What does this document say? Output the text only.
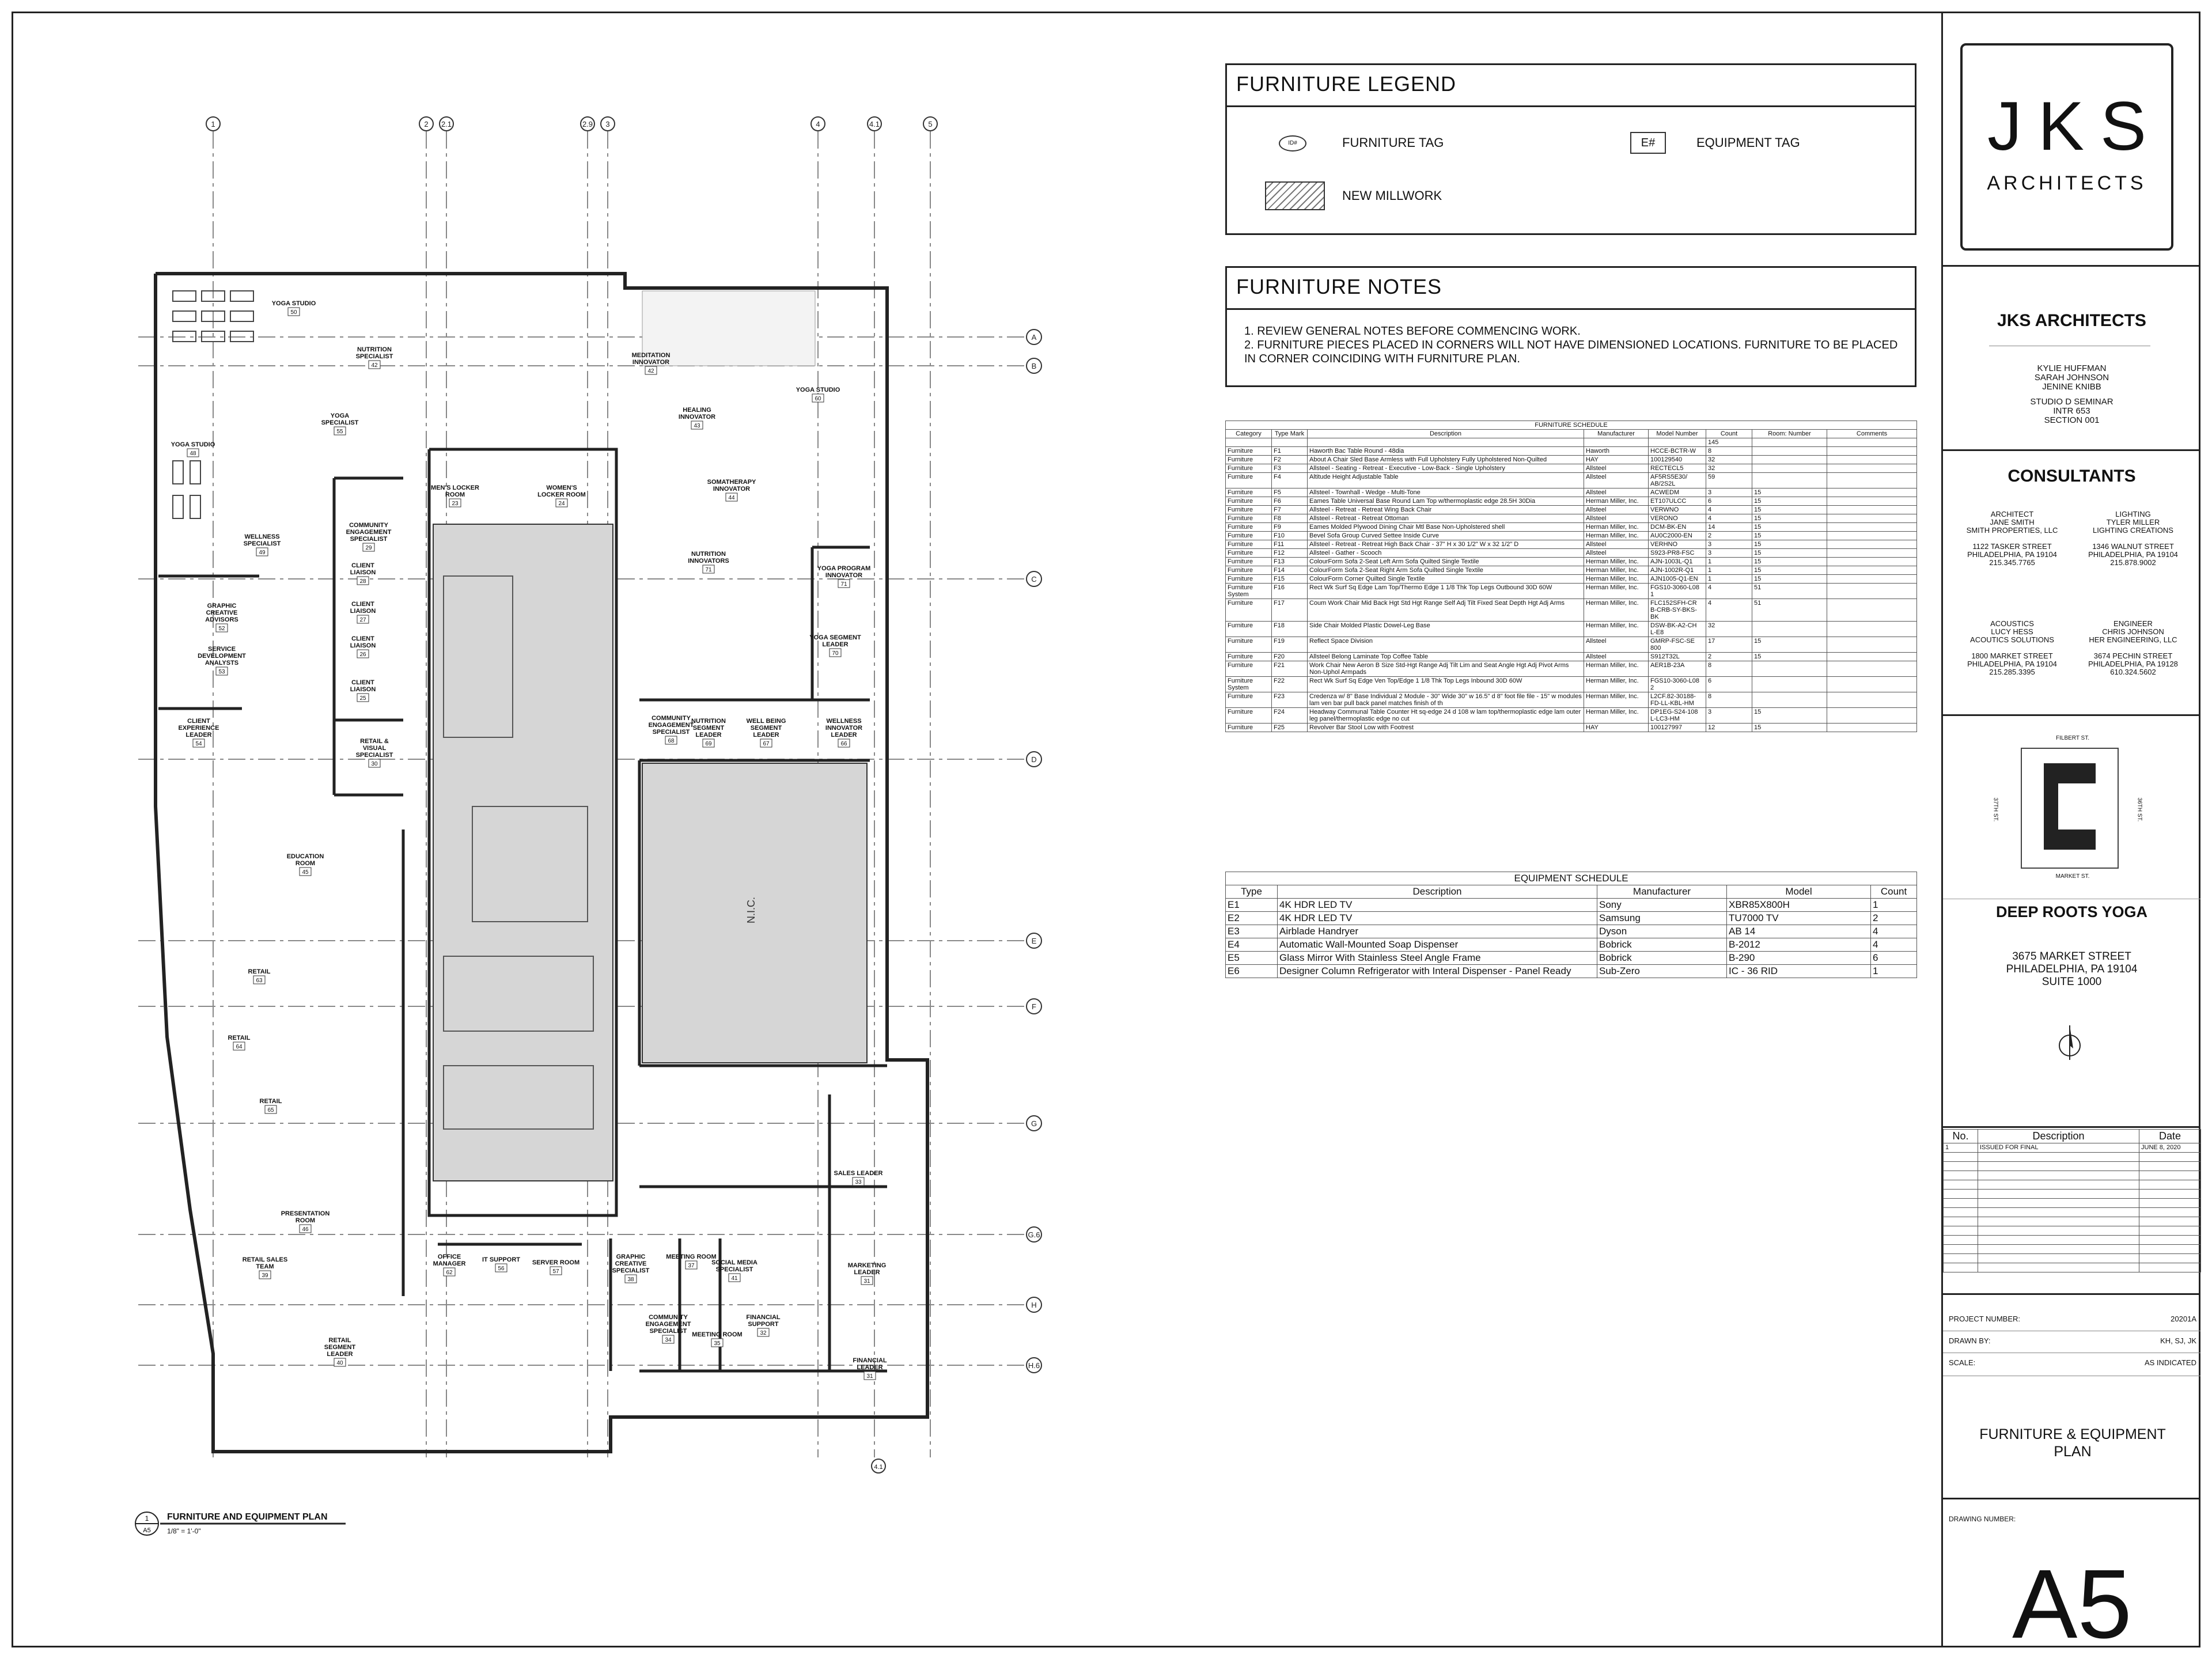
1	2 2.1	2.9 3	4	4.1	5
A
B
C
D
E
F
G
G.6
H
H.6
YOGA STUDIO
50
NUTRITION
SPECIALIST
42
YOGA
SPECIALIST
55
YOGA STUDIO
48
WELLNESS
SPECIALIST
49
GRAPHIC
CREATIVE
ADVISORS
52
SERVICE
DEVELOPMENT
ANALYSTS
53
CLIENT
EXPERIENCE
LEADER
54
COMMUNITY
ENGAGEMENT
SPECIALIST
29
CLIENT
LIAISON
28
CLIENT
LIAISON
27
CLIENT
LIAISON
26
CLIENT
LIAISON
25
RETAIL &
VISUAL
SPECIALIST
30
MEN'S LOCKER
ROOM
23
WOMEN'S
LOCKER ROOM
24
MEDITATION
INNOVATOR
42
HEALING
INNOVATOR
43
YOGA STUDIO
60
SOMATHERAPY
INNOVATOR
44
NUTRITION
INNOVATORS
71	YOGA PROGRAM
INNOVATOR
71
YOGA SEGMENT
LEADER
70
COMMUNITY
ENGAGEMENT
SPECIALIST
68
NUTRITION
SEGMENT
LEADER
69
WELL BEING
SEGMENT
LEADER
67
WELLNESS
INNOVATOR
LEADER
66
EDUCATION
ROOM
45
RETAIL
63
RETAIL
64
RETAIL
65
PRESENTATION
ROOM
46
RETAIL SALES
TEAM
39
RETAIL
SEGMENT
LEADER
40
OFFICE
MANAGER
62
IT SUPPORT
56
SERVER ROOM
57
GRAPHIC
CREATIVE
SPECIALIST
38
MEETING ROOM
37	SOCIAL MEDIA
SPECIALIST
41
COMMUNITY
ENGAGEMENT
SPECIALIST
34
MEETING ROOM
35
FINANCIAL
SUPPORT
32
SALES LEADER
33
MARKETING
LEADER
31
FINANCIAL
LEADER
31
N.I.C.
4.1
1
A5
FURNITURE AND EQUIPMENT PLAN
1/8" = 1'-0"
FURNITURE LEGEND
ID#	FURNITURE TAG	E#	EQUIPMENT TAG
NEW MILLWORK
FURNITURE NOTES
1. REVIEW GENERAL NOTES BEFORE COMMENCING WORK.
2. FURNITURE PIECES PLACED IN CORNERS WILL NOT HAVE DIMENSIONED LOCATIONS. FURNITURE TO BE PLACED IN CORNER COINCIDING WITH FURNITURE PLAN.
FURNITURE SCHEDULE							
Category	Type Mark	Description	Manufacturer	Model Number	Count	Room: Number	Comments
					145		
Furniture	F1	Haworth Bac Table Round - 48dia	Haworth	HCCE-BCTR-W	8		
Furniture	F2	About A Chair Sled Base Armless with Full Upholstery Fully Upholstered Non-Quilted	HAY	100129540	32		
Furniture	F3	Allsteel - Seating - Retreat - Executive - Low-Back - Single Upholstery	Allsteel	RECTECL5	32		
Furniture	F4	Altitude Height Adjustable Table	Allsteel	AF5RS5E30/ AB/2S2L	59		
Furniture	F5	Allsteel - Townhall - Wedge - Multi-Tone	Allsteel	ACWEDM	3	15	
Furniture	F6	Eames Table Universal Base Round Lam Top w/thermoplastic edge 28.5H 30Dia	Herman Miller, Inc.	ET107ULCC	6	15	
Furniture	F7	Allsteel - Retreat - Retreat Wing Back Chair	Allsteel	VERWNO	4	15	
Furniture	F8	Allsteel - Retreat - Retreat Ottoman	Allsteel	VERONO	4	15	
Furniture	F9	Eames Molded Plywood Dining Chair Mtl Base Non-Upholstered shell	Herman Miller, Inc.	DCM-BK-EN	14	15	
Furniture	F10	Bevel Sofa Group Curved Settee Inside Curve	Herman Miller, Inc.	AU0C2000-EN	2	15	
Furniture	F11	Allsteel - Retreat - Retreat High Back Chair - 37" H x 30 1/2" W x 32 1/2" D	Allsteel	VERHNO	3	15	
Furniture	F12	Allsteel - Gather - Scooch	Allsteel	S923-PR8-FSC	3	15	
Furniture	F13	ColourForm Sofa 2-Seat Left Arm Sofa Quilted Single Textile	Herman Miller, Inc.	AJN-1003L-Q1	1	15	
Furniture	F14	ColourForm Sofa 2-Seat Right Arm Sofa Quilted Single Textile	Herman Miller, Inc.	AJN-1002R-Q1	1	15	
Furniture	F15	ColourForm Corner Quilted Single Textile	Herman Miller, Inc.	AJN1005-Q1-EN	1	15	
Furniture System	F16	Rect Wk Surf Sq Edge Lam Top/Thermo Edge 1 1/8 Thk Top Legs Outbound 30D 60W	Herman Miller, Inc.	FGS10-3060-L08 1	4	51	
Furniture	F17	Coum Work Chair Mid Back Hgt Std Hgt Range Self Adj Tilt Fixed Seat Depth Hgt Adj Arms	Herman Miller, Inc.	FLC152SFH-CR B-CRB-SY-BKS- BK	4	51	
Furniture	F18	Side Chair Molded Plastic Dowel-Leg Base	Herman Miller, Inc.	DSW-BK-A2-CH L-E8	32		
Furniture	F19	Reflect Space Division	Allsteel	GMRP-FSC-SE 800	17	15	
Furniture	F20	Allsteel Belong Laminate Top Coffee Table	Allsteel	S912T32L	2	15	
Furniture	F21	Work Chair New Aeron B Size Std-Hgt Range Adj Tilt Lim and Seat Angle Hgt Adj Pivot Arms Non-Uphol Armpads	Herman Miller, Inc.	AER1B-23A	8		
Furniture System	F22	Rect Wk Surf Sq Edge Ven Top/Edge 1 1/8 Thk Top Legs Inbound 30D 60W	Herman Miller, Inc.	FGS10-3060-L08 2	6		
Furniture	F23	Credenza w/ 8" Base Individual 2 Module - 30" Wide 30" w 16.5" d 8" foot file file - 15" w modules lam ven bar pull back panel matches finish of th	Herman Miller, Inc.	L2CF.82-30188- FD-LL-KBL-HM	8		
Furniture	F24	Headway Communal Table Counter Ht sq-edge 24 d 108 w lam top/thermoplastic edge lam outer leg panel/thermoplastic edge no cut	Herman Miller, Inc.	DP1EG-S24-108 L-LC3-HM	3	15	
Furniture	F25	Revolver Bar Stool Low with Footrest	HAY	100127997	12	15	
EQUIPMENT SCHEDULE				
Type	Description	Manufacturer	Model	Count
E1	4K HDR LED TV	Sony	XBR85X800H	1
E2	4K HDR LED TV	Samsung	TU7000 TV	2
E3	Airblade Handryer	Dyson	AB 14	4
E4	Automatic Wall-Mounted Soap Dispenser	Bobrick	B-2012	4
E5	Glass Mirror With Stainless Steel Angle Frame	Bobrick	B-290	6
E6	Designer Column Refrigerator with Interal Dispenser - Panel Ready	Sub-Zero	IC - 36 RID	1
JKS
ARCHITECTS
JKS ARCHITECTS
KYLIE HUFFMAN
SARAH JOHNSON
JENINE KNIBB
STUDIO D SEMINAR
INTR 653
SECTION 001
CONSULTANTS
ARCHITECT
JANE SMITH
SMITH PROPERTIES, LLC
1122 TASKER STREET
PHILADELPHIA, PA 19104
215.345.7765
LIGHTING
TYLER MILLER
LIGHTING CREATIONS
1346 WALNUT STREET
PHILADELPHIA, PA 19104
215.878.9002
ACOUSTICS
LUCY HESS
ACOUTICS SOLUTIONS
1800 MARKET STREET
PHILADELPHIA, PA 19104
215.285.3395
ENGINEER
CHRIS JOHNSON
HER ENGINEERING, LLC
3674 PECHIN STREET
PHILADELPHIA, PA 19128
610.324.5602
FILBERT ST.
MARKET ST.
37TH ST.	36TH ST.
DEEP ROOTS YOGA
3675 MARKET STREET
PHILADELPHIA, PA 19104
SUITE 1000
No.	Description	Date
1	ISSUED FOR FINAL	JUNE 8, 2020

PROJECT NUMBER:	20201A
DRAWN BY:	KH, SJ, JK
SCALE:	AS INDICATED
FURNITURE & EQUIPMENT PLAN
DRAWING NUMBER:
A5
